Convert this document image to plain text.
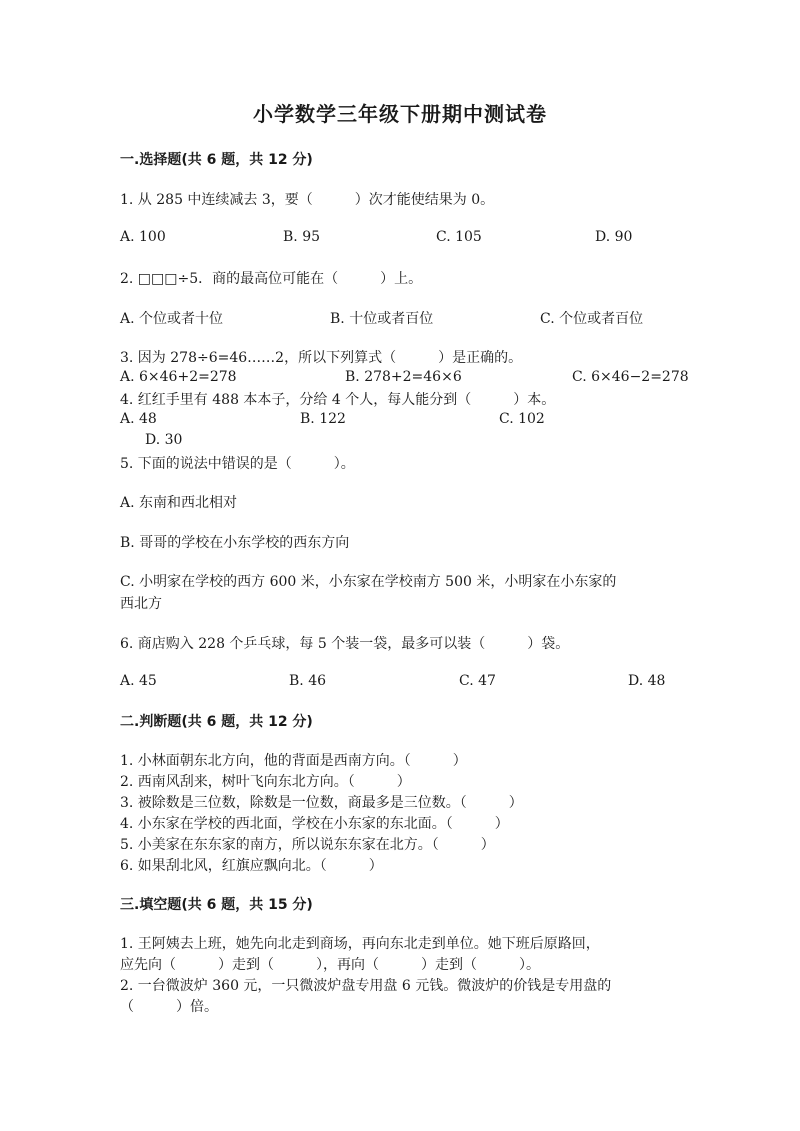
小学数学三年级下册期中测试卷
一.选择题(共 6 题，共 12 分)
1. 从 285 中连续减去 3，要（　　　）次才能使结果为 0。
A. 100	B. 95	C. 105	D. 90
2. □□□÷5．商的最高位可能在（　　　）上。
A. 个位或者十位	B. 十位或者百位	C. 个位或者百位
3. 因为 278÷6=46……2，所以下列算式（　　　）是正确的。
A. 6×46+2=278	B. 278+2=46×6	C. 6×46−2=278
4. 红红手里有 488 本本子，分给 4 个人，每人能分到（　　　）本。
A. 48	B. 122	C. 102
D. 30
5. 下面的说法中错误的是（　　　）。
A. 东南和西北相对
B. 哥哥的学校在小东学校的西东方向
C. 小明家在学校的西方 600 米，小东家在学校南方 500 米，小明家在小东家的
西北方
6. 商店购入 228 个乒乓球，每 5 个装一袋，最多可以装（　　　）袋。
A. 45	B. 46	C. 47	D. 48
二.判断题(共 6 题，共 12 分)
1. 小林面朝东北方向，他的背面是西南方向。（　　　）
2. 西南风刮来，树叶飞向东北方向。（　　　）
3. 被除数是三位数，除数是一位数，商最多是三位数。（　　　）
4. 小东家在学校的西北面，学校在小东家的东北面。（　　　）
5. 小美家在东东家的南方，所以说东东家在北方。（　　　）
6. 如果刮北风，红旗应飘向北。（　　　）
三.填空题(共 6 题，共 15 分)
1. 王阿姨去上班，她先向北走到商场，再向东北走到单位。她下班后原路回，
应先向（　　　）走到（　　　），再向（　　　）走到（　　　）。
2. 一台微波炉 360 元，一只微波炉盘专用盘 6 元钱。微波炉的价钱是专用盘的
（　　　）倍。
